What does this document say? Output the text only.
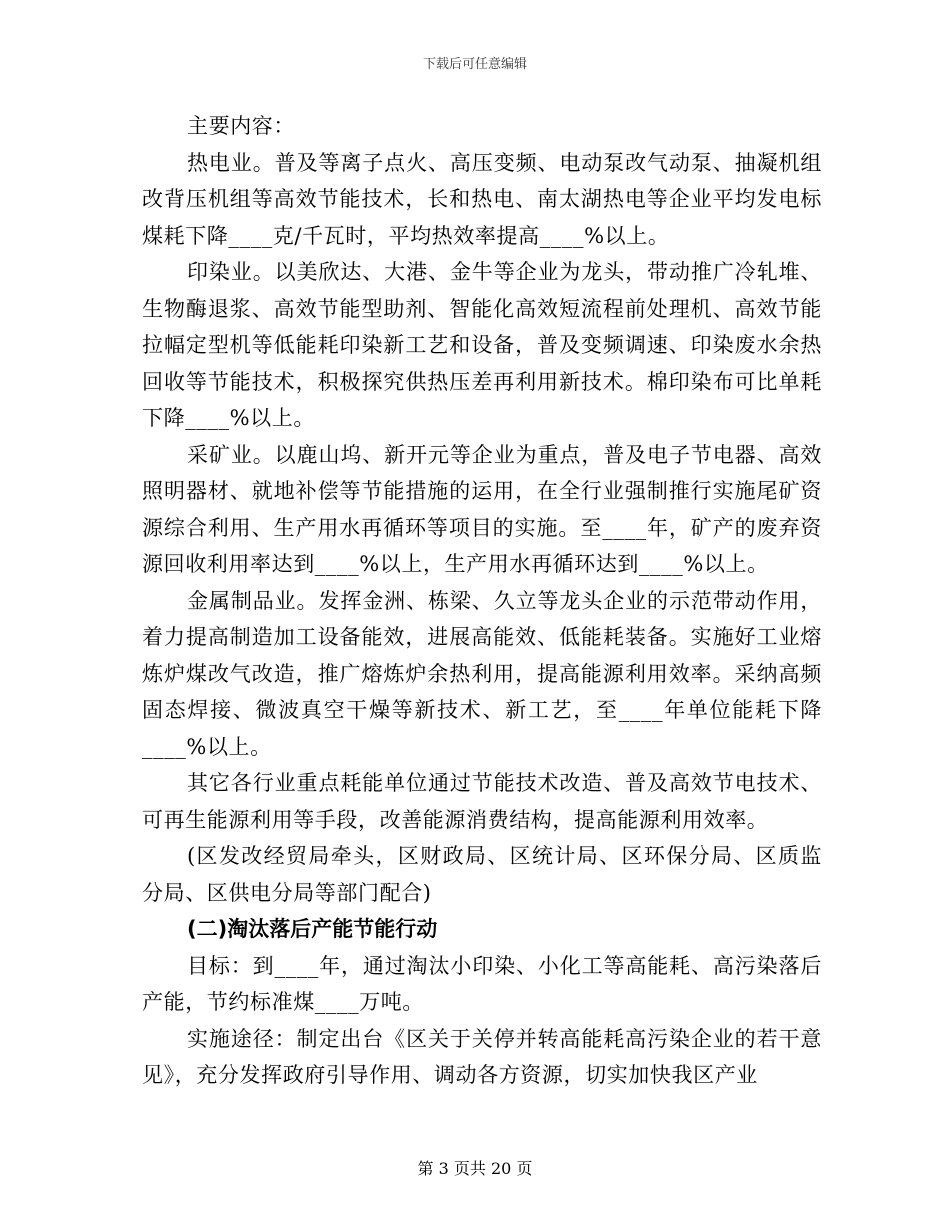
下载后可任意编辑

主要内容：

热电业。普及等离子点火、高压变频、电动泵改气动泵、抽凝机组改背压机组等高效节能技术，长和热电、南太湖热电等企业平均发电标煤耗下降____克/千瓦时，平均热效率提高____%以上。

印染业。以美欣达、大港、金牛等企业为龙头，带动推广冷轧堆、生物酶退浆、高效节能型助剂、智能化高效短流程前处理机、高效节能拉幅定型机等低能耗印染新工艺和设备，普及变频调速、印染废水余热回收等节能技术，积极探究供热压差再利用新技术。棉印染布可比单耗下降____%以上。

采矿业。以鹿山坞、新开元等企业为重点，普及电子节电器、高效照明器材、就地补偿等节能措施的运用，在全行业强制推行实施尾矿资源综合利用、生产用水再循环等项目的实施。至____年，矿产的废弃资源回收利用率达到____%以上，生产用水再循环达到____%以上。

金属制品业。发挥金洲、栋梁、久立等龙头企业的示范带动作用，着力提高制造加工设备能效，进展高能效、低能耗装备。实施好工业熔炼炉煤改气改造，推广熔炼炉余热利用，提高能源利用效率。采纳高频固态焊接、微波真空干燥等新技术、新工艺，至____年单位能耗下降____%以上。

其它各行业重点耗能单位通过节能技术改造、普及高效节电技术、可再生能源利用等手段，改善能源消费结构，提高能源利用效率。

(区发改经贸局牵头，区财政局、区统计局、区环保分局、区质监分局、区供电分局等部门配合)

(二)淘汰落后产能节能行动

目标：到____年，通过淘汰小印染、小化工等高能耗、高污染落后产能，节约标准煤____万吨。

实施途径：制定出台《区关于关停并转高能耗高污染企业的若干意见》，充分发挥政府引导作用、调动各方资源，切实加快我区产业

第 3 页共 20 页
